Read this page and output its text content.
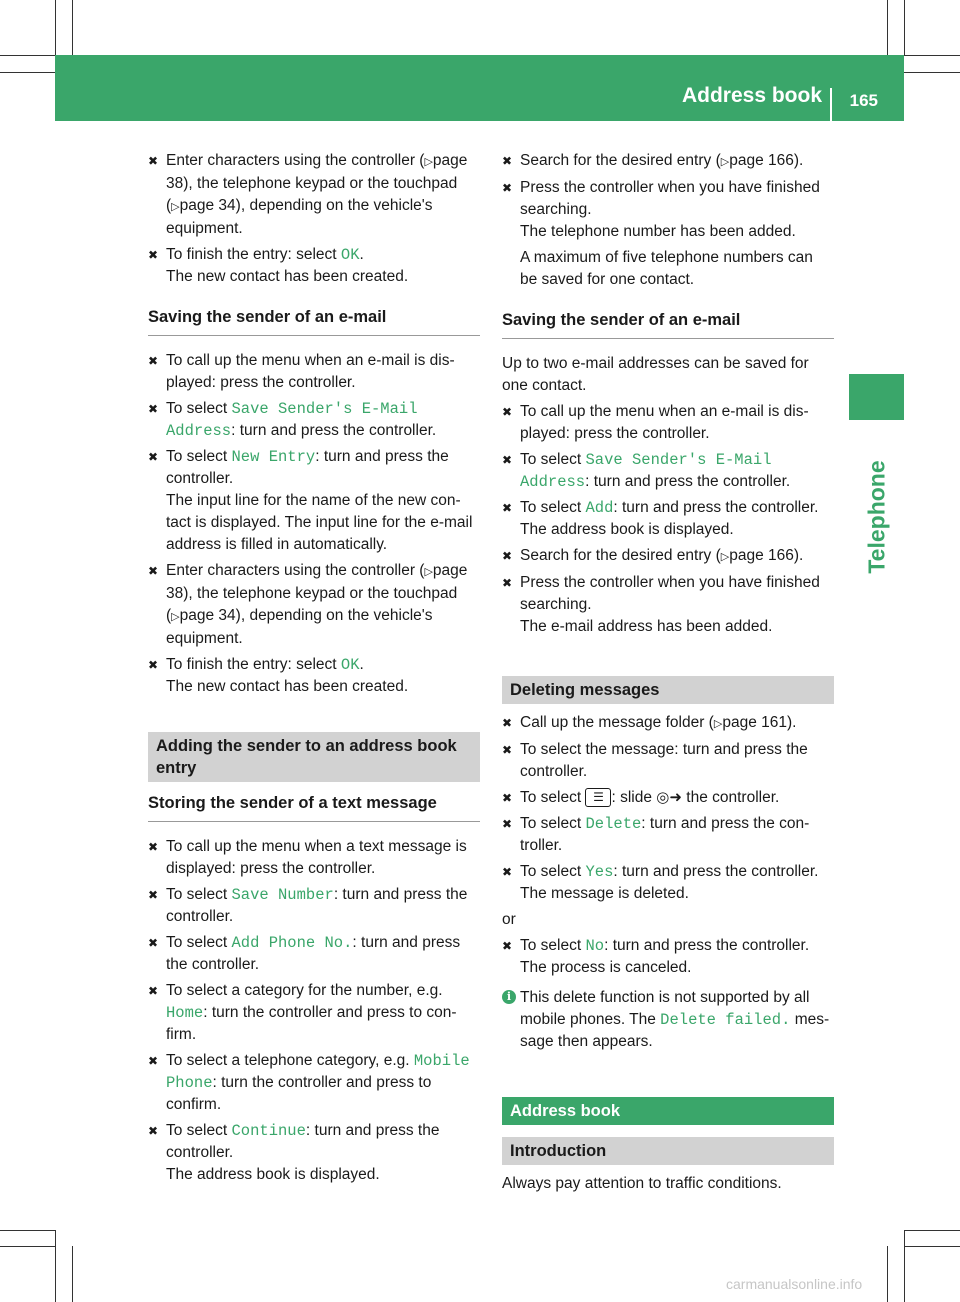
Address book 165
Telephone
✖ Enter characters using the controller (▷page 38), the telephone keypad or the touchpad (▷page 34), depending on the vehicle's equipment.

✖ To finish the entry: select OK.
The new contact has been created.

Saving the sender of an e-mail
✖ To call up the menu when an e-mail is dis-played: press the controller.

✖ To select Save Sender's E-Mail Address: turn and press the controller.

✖ To select New Entry: turn and press the controller.
The input line for the name of the new con-tact is displayed. The input line for the e-mail address is filled in automatically.

✖ Enter characters using the controller (▷page 38), the telephone keypad or the touchpad (▷page 34), depending on the vehicle's equipment.

✖ To finish the entry: select OK.
The new contact has been created.

Adding the sender to an address book entry
Storing the sender of a text message
✖ To call up the menu when a text message is displayed: press the controller.

✖ To select Save Number: turn and press the controller.

✖ To select Add Phone No.: turn and press the controller.

✖ To select a category for the number, e.g. Home: turn the controller and press to con-firm.

✖ To select a telephone category, e.g. Mobile Phone: turn the controller and press to confirm.

✖ To select Continue: turn and press the controller.
The address book is displayed.

✖ Search for the desired entry (▷page 166).

✖ Press the controller when you have finished searching.
The telephone number has been added.

A maximum of five telephone numbers can be saved for one contact.

Saving the sender of an e-mail

Up to two e-mail addresses can be saved for one contact.

✖ To call up the menu when an e-mail is dis-played: press the controller.

✖ To select Save Sender's E-Mail Address: turn and press the controller.

✖ To select Add: turn and press the controller.
The address book is displayed.

✖ Search for the desired entry (▷page 166).

✖ Press the controller when you have finished searching.
The e-mail address has been added.

Deleting messages
✖ Call up the message folder (▷page 161).

✖ To select the message: turn and press the controller.

✖ To select ☰ : slide ◎➜ the controller.

✖ To select Delete: turn and press the con-troller.

✖ To select Yes: turn and press the controller.
The message is deleted.

or

✖ To select No: turn and press the controller.
The process is canceled.

i This delete function is not supported by all mobile phones. The Delete failed. mes-sage then appears.

Address book
Introduction

Always pay attention to traffic conditions.

carmanualsonline.info
